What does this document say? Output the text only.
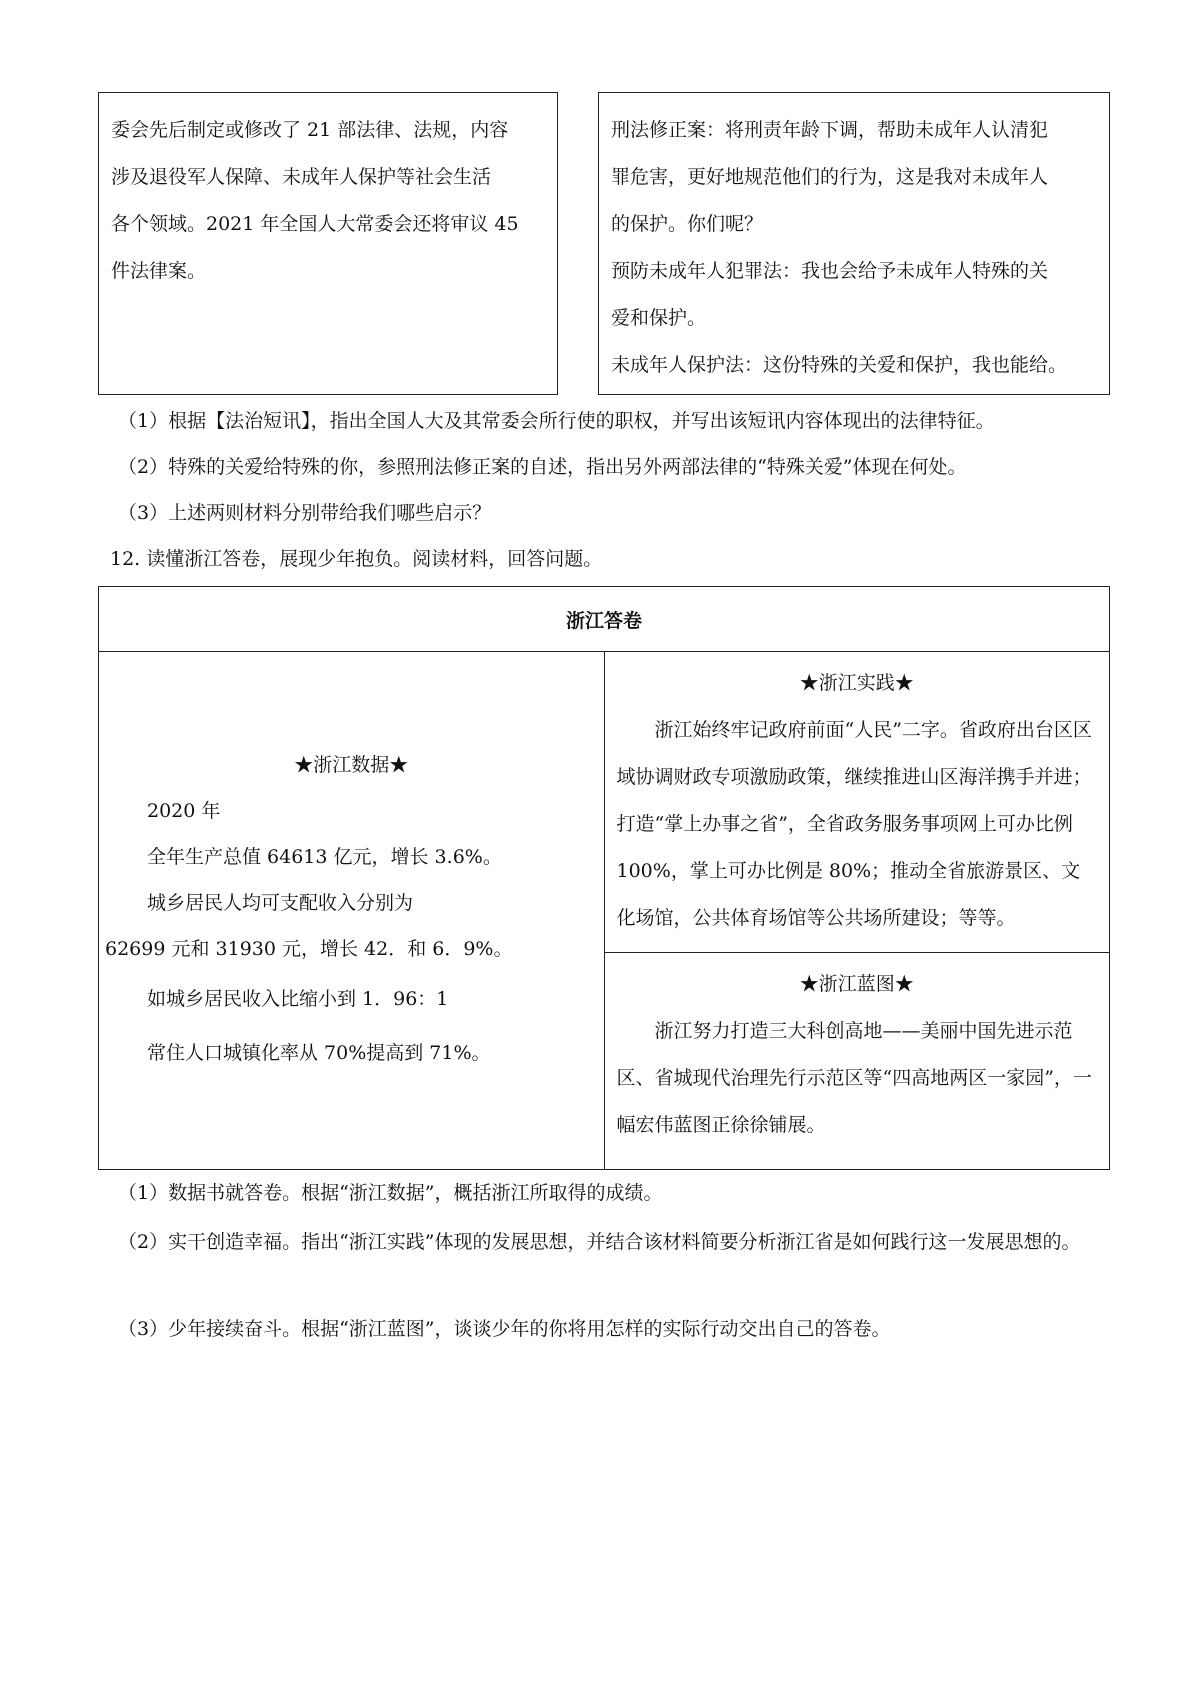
委会先后制定或修改了 21 部法律、法规，内容

涉及退役军人保障、未成年人保护等社会生活

各个领域。2021 年全国人大常委会还将审议 45

件法律案。

刑法修正案：将刑责年龄下调，帮助未成年人认清犯

罪危害，更好地规范他们的行为，这是我对未成年人

的保护。你们呢？

预防未成年人犯罪法：我也会给予未成年人特殊的关

爱和保护。

未成年人保护法：这份特殊的关爱和保护，我也能给。

（1）根据【法治短讯】，指出全国人大及其常委会所行使的职权，并写出该短讯内容体现出的法律特征。

（2）特殊的关爱给特殊的你，参照刑法修正案的自述，指出另外两部法律的“特殊关爱”体现在何处。

（3）上述两则材料分别带给我们哪些启示？

12. 读懂浙江答卷，展现少年抱负。阅读材料，回答问题。

浙江答卷

★浙江数据★

2020 年

全年生产总值 64613 亿元，增长 3.6%。

城乡居民人均可支配收入分别为

62699 元和 31930 元，增长 42．和 6．9%。

如城乡居民收入比缩小到 1．96：1

常住人口城镇化率从 70%提高到 71%。

★浙江实践★

浙江始终牢记政府前面“人民”二字。省政府出台区区域协调财政专项激励政策，继续推进山区海洋携手并进；打造“掌上办事之省”，全省政务服务事项网上可办比例 100%，掌上可办比例是 80%；推动全省旅游景区、文化场馆，公共体育场馆等公共场所建设；等等。

★浙江蓝图★

浙江努力打造三大科创高地——美丽中国先进示范区、省城现代治理先行示范区等“四高地两区一家园”，一幅宏伟蓝图正徐徐铺展。

（1）数据书就答卷。根据“浙江数据”，概括浙江所取得的成绩。

（2）实干创造幸福。指出“浙江实践”体现的发展思想，并结合该材料简要分析浙江省是如何践行这一发展思想的。

（3）少年接续奋斗。根据“浙江蓝图”，谈谈少年的你将用怎样的实际行动交出自己的答卷。
